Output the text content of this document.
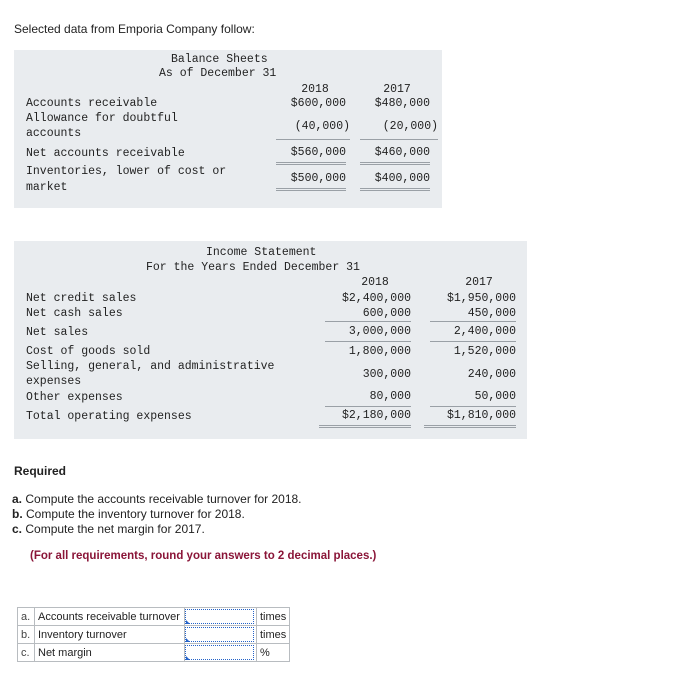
Selected data from Emporia Company follow:
Balance Sheets
As of December 31
2018	2017
Accounts receivable	$600,000	$480,000
Allowance for doubtful
accounts
(40,000)	(20,000)
Net accounts receivable	$560,000	$460,000
Inventories, lower of cost or
market
$500,000	$400,000
Income Statement
For the Years Ended December 31
2018	2017
Net credit sales	$2,400,000	$1,950,000
Net cash sales	600,000	450,000
Net sales	3,000,000	2,400,000
Cost of goods sold	1,800,000	1,520,000
Selling, general, and administrative
expenses
300,000	240,000
Other expenses	80,000	50,000
Total operating expenses	$2,180,000	$1,810,000
Required
a. Compute the accounts receivable turnover for 2018.
b. Compute the inventory turnover for 2018.
c. Compute the net margin for 2017.
(For all requirements, round your answers to 2 decimal places.)
a.	Accounts receivable turnover		times
b.	Inventory turnover		times
c.	Net margin		%
